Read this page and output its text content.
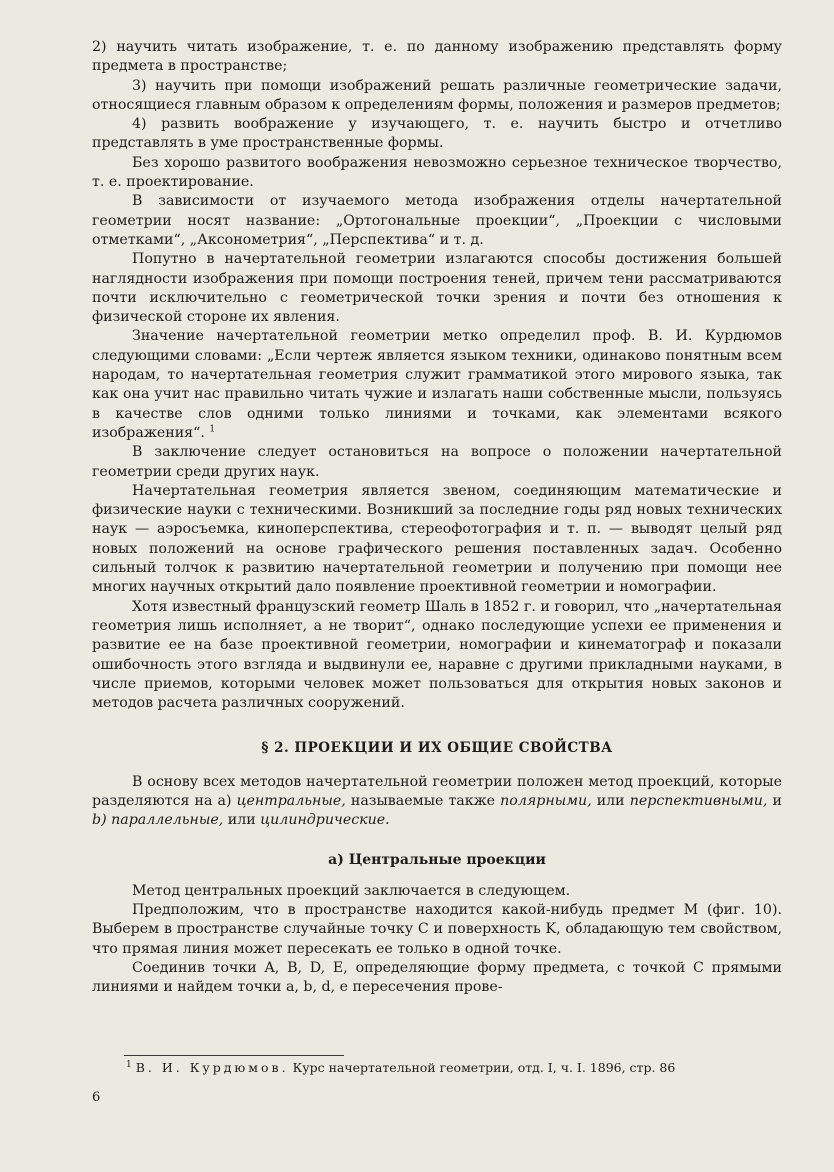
2) научить читать изображение, т. е. по данному изображению представлять форму предмета в пространстве;

3) научить при помощи изображений решать различные геометрические задачи, относящиеся главным образом к определениям формы, положения и размеров предметов;

4) развить воображение у изучающего, т. е. научить быстро и отчетливо представлять в уме пространственные формы.

Без хорошо развитого воображения невозможно серьезное техническое творчество, т. е. проектирование.

В зависимости от изучаемого метода изображения отделы начертательной геометрии носят название: „Ортогональные проекции“, „Проекции с числовыми отметками“, „Аксонометрия“, „Перспектива“ и т. д.

Попутно в начертательной геометрии излагаются способы достижения большей наглядности изображения при помощи построения теней, причем тени рассматриваются почти исключительно с геометрической точки зрения и почти без отношения к физической стороне их явления.

Значение начертательной геометрии метко определил проф. В. И. Курдюмов следующими словами: „Если чертеж является языком техники, одинаково понятным всем народам, то начертательная геометрия служит грамматикой этого мирового языка, так как она учит нас правильно читать чужие и излагать наши собственные мысли, пользуясь в качестве слов одними только линиями и точками, как элементами всякого изображения“. $^1$

В заключение следует остановиться на вопросе о положении начертательной геометрии среди других наук.

Начертательная геометрия является звеном, соединяющим математические и физические науки с техническими. Возникший за последние годы ряд новых технических наук — аэросъемка, киноперспектива, стереофотография и т. п. — выводят целый ряд новых положений на основе графического решения поставленных задач. Особенно сильный толчок к развитию начертательной геометрии и получению при помощи нее многих научных открытий дало появление проективной геометрии и номографии.

Хотя известный французский геометр Шаль в 1852 г. и говорил, что „начертательная геометрия лишь исполняет, а не творит“, однако последующие успехи ее применения и развитие ее на базе проективной геометрии, номографии и кинематограф и показали ошибочность этого взгляда и выдвинули ее, наравне с другими прикладными науками, в числе приемов, которыми человек может пользоваться для открытия новых законов и методов расчета различных сооружений.

§ 2. ПРОЕКЦИИ И ИХ ОБЩИЕ СВОЙСТВА

В основу всех методов начертательной геометрии положен метод проекций, которые разделяются на а) центральные, называемые также полярными, или перспективными, и b) параллельные, или цилиндрические.

а) Центральные проекции

Метод центральных проекций заключается в следующем.

Предположим, что в пространстве находится какой-нибудь предмет M (фиг. 10). Выберем в пространстве случайные точку C и поверхность K, обладающую тем свойством, что прямая линия может пересекать ее только в одной точке.

Соединив точки A, B, D, E, определяющие форму предмета, с точкой C прямыми линиями и найдем точки a, b, d, e пересечения прове-

$^1$ В. И. Курдюмов. Курс начертательной геометрии, отд. I, ч. I. 1896, стр. 86
6
